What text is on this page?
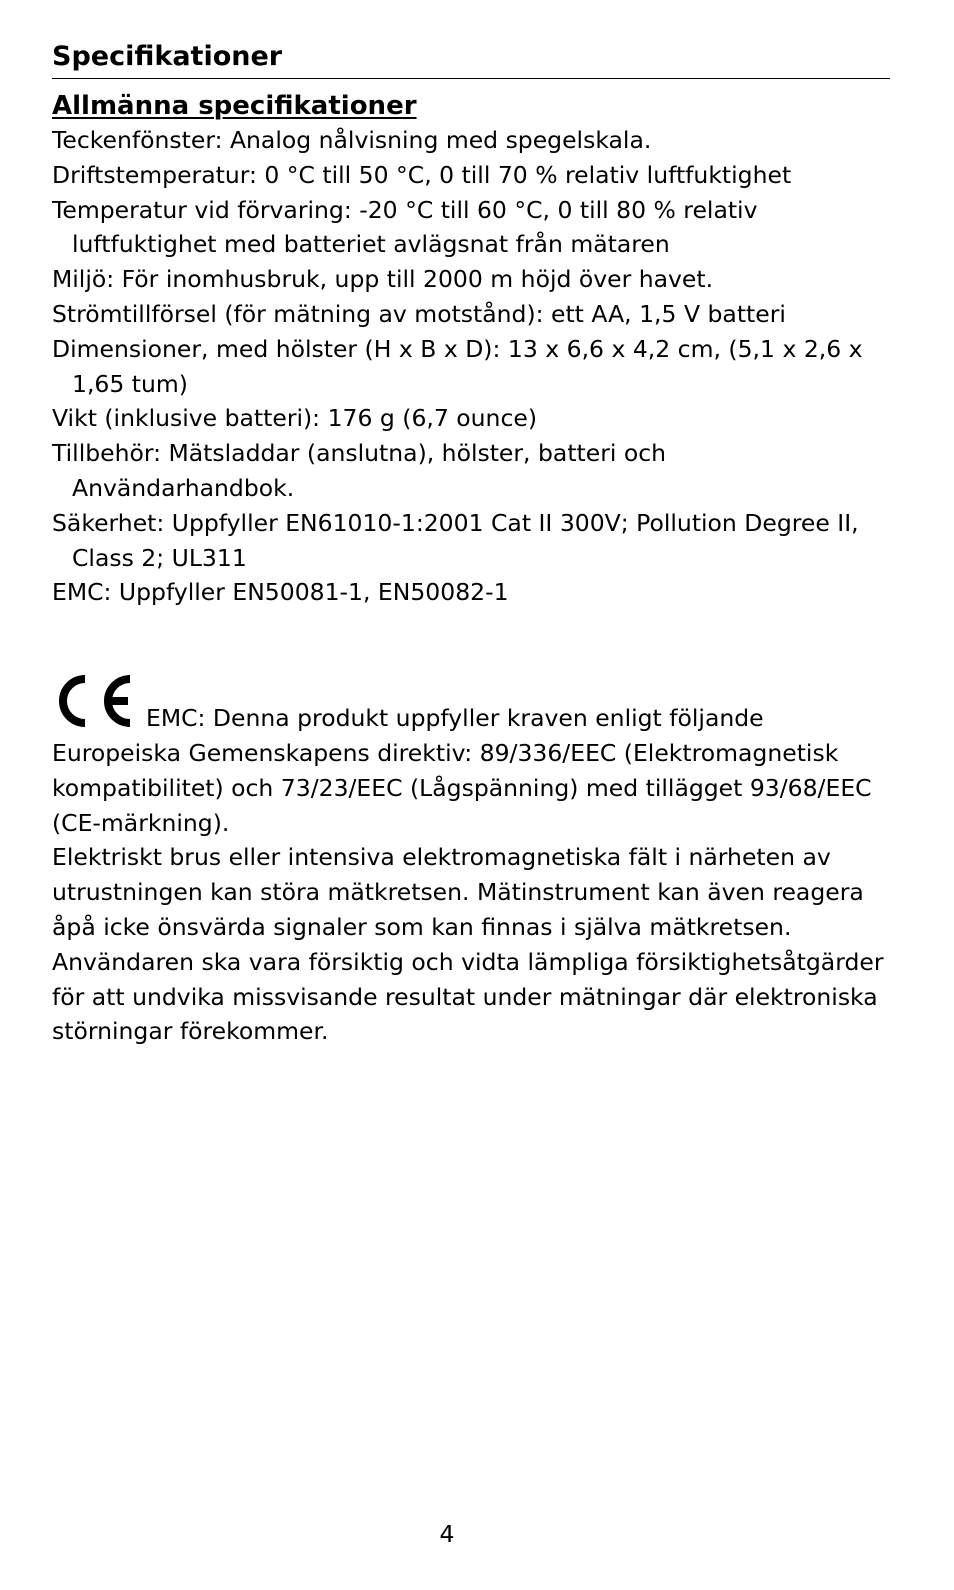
Specifikationer
Allmänna specifikationer
Teckenfönster: Analog nålvisning med spegelskala.
Driftstemperatur: 0 °C till 50 °C, 0 till 70 % relativ luftfuktighet
Temperatur vid förvaring: -20 °C till 60 °C, 0 till 80 % relativ luftfuktighet med batteriet avlägsnat från mätaren
Miljö: För inomhusbruk, upp till 2000 m höjd över havet.
Strömtillförsel (för mätning av motstånd): ett AA, 1,5 V batteri
Dimensioner, med hölster (H x B x D): 13 x 6,6 x 4,2 cm, (5,1 x 2,6 x 1,65 tum)
Vikt (inklusive batteri): 176 g (6,7 ounce)
Tillbehör: Mätsladdar (anslutna), hölster, batteri och Användarhandbok.
Säkerhet: Uppfyller EN61010-1:2001 Cat II 300V; Pollution Degree II, Class 2; UL311
EMC: Uppfyller EN50081-1, EN50082-1

EMC: Denna produkt uppfyller kraven enligt följande Europeiska Gemenskapens direktiv: 89/336/EEC (Elektromagnetisk kompatibilitet) och 73/23/EEC (Lågspänning) med tillägget 93/68/EEC (CE-märkning).

Elektriskt brus eller intensiva elektromagnetiska fält i närheten av utrustningen kan störa mätkretsen. Mätinstrument kan även reagera åpå icke önsvärda signaler som kan finnas i själva mätkretsen. Användaren ska vara försiktig och vidta lämpliga försiktighetsåtgärder för att undvika missvisande resultat under mätningar där elektroniska störningar förekommer.

4
